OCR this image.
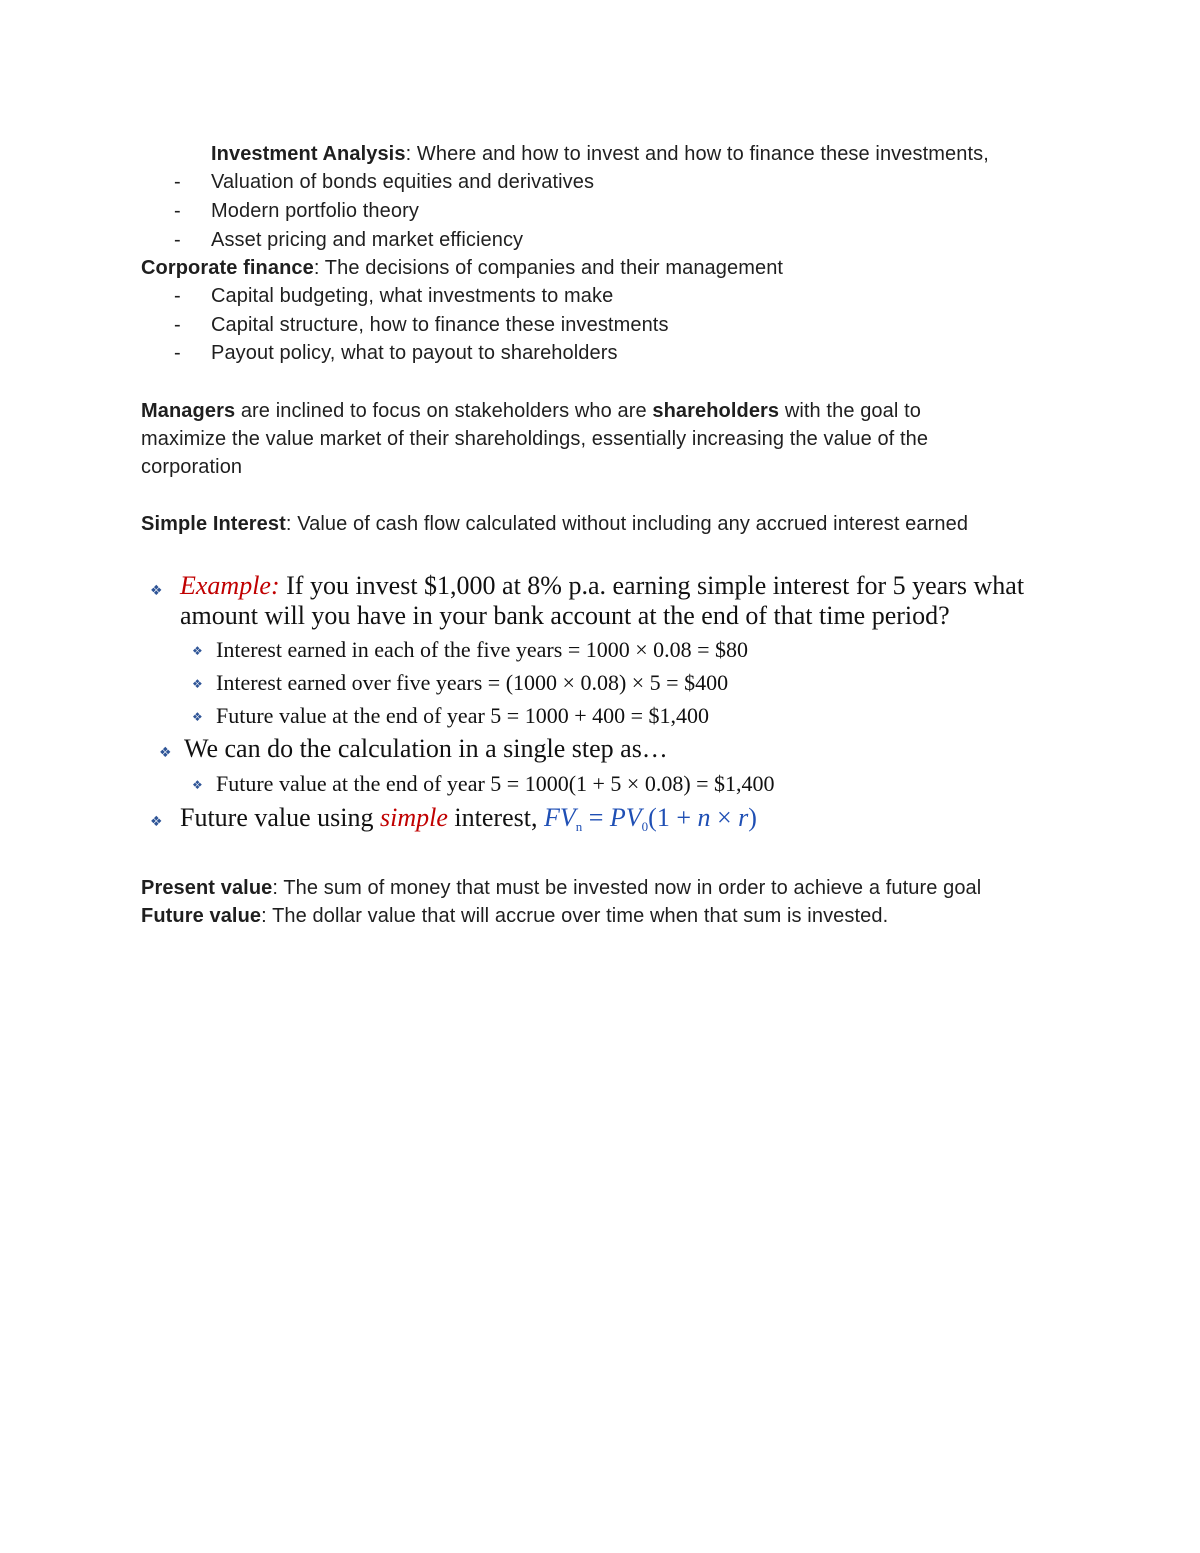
Investment Analysis: Where and how to invest and how to finance these investments,
- Valuation of bonds equities and derivatives
- Modern portfolio theory
- Asset pricing and market efficiency
Corporate finance: The decisions of companies and their management
- Capital budgeting, what investments to make
- Capital structure, how to finance these investments
- Payout policy, what to payout to shareholders
Managers are inclined to focus on stakeholders who are shareholders with the goal to
maximize the value market of their shareholdings, essentially increasing the value of the
corporation
Simple Interest: Value of cash flow calculated without including any accrued interest earned
❖ Example: If you invest $1,000 at 8% p.a. earning simple interest for 5 years what
amount will you have in your bank account at the end of that time period?
❖ Interest earned in each of the five years = 1000 × 0.08 = $80
❖ Interest earned over five years = (1000 × 0.08) × 5 = $400
❖ Future value at the end of year 5 = 1000 + 400 = $1,400
❖ We can do the calculation in a single step as…
❖ Future value at the end of year 5 = 1000(1 + 5 × 0.08) = $1,400
❖ Future value using simple interest, $FV_n = PV_0(1 + n \times r)$
Present value: The sum of money that must be invested now in order to achieve a future goal
Future value: The dollar value that will accrue over time when that sum is invested.
